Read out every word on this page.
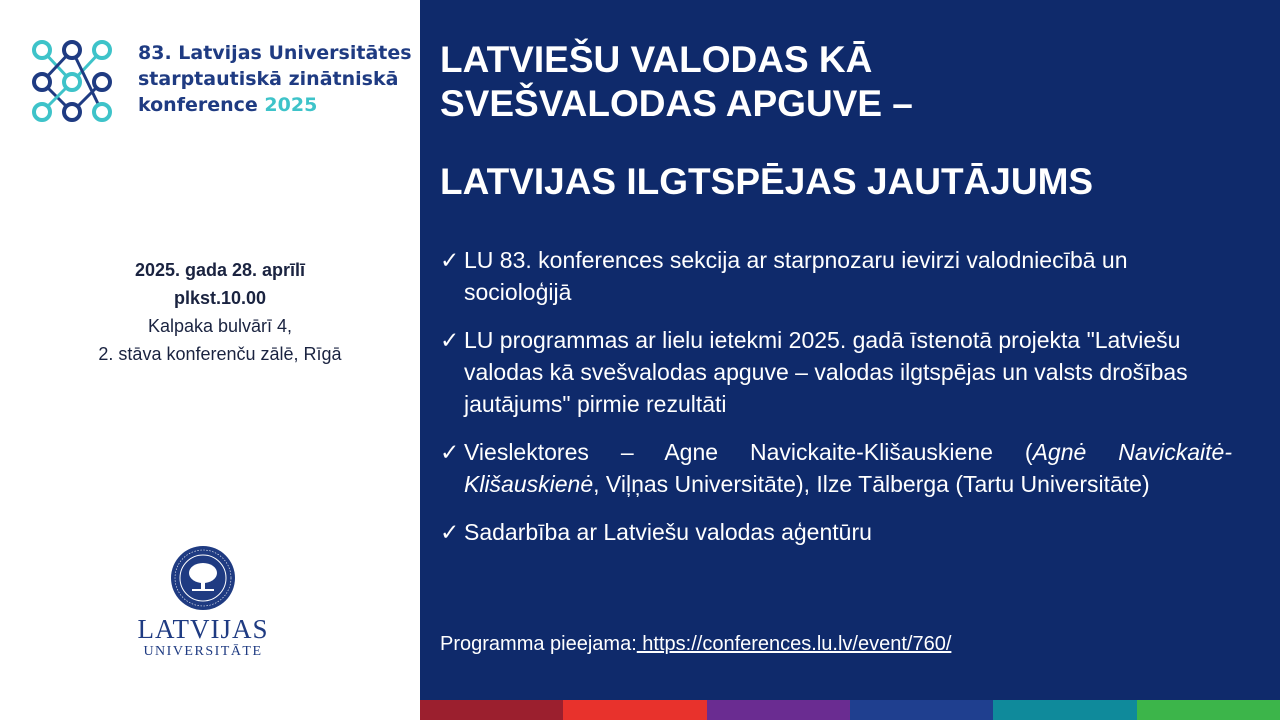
83. Latvijas Universitātes
starptautiskā zinātniskā
konference 2025
2025. gada 28. aprīlī
plkst.10.00
Kalpaka bulvārī 4,
2. stāva konferenču zālē, Rīgā
LATVIJAS
UNIVERSITĀTE
LATVIEŠU VALODAS KĀ
SVEŠVALODAS APGUVE –
LATVIJAS ILGTSPĒJAS JAUTĀJUMS
✓ LU 83. konferences sekcija ar starpnozaru ievirzi valodniecībā un socioloģijā
✓ LU programmas ar lielu ietekmi 2025. gadā īstenotā projekta "Latviešu valodas kā svešvalodas apguve – valodas ilgtspējas un valsts drošības jautājums" pirmie rezultāti
✓ Vieslektores – Agne Navickaite-Klišauskiene (Agnė Navickaitė-Klišauskienė, Viļņas Universitāte), Ilze Tālberga (Tartu Universitāte)
✓ Sadarbība ar Latviešu valodas aģentūru
Programma pieejama: https://conferences.lu.lv/event/760/
